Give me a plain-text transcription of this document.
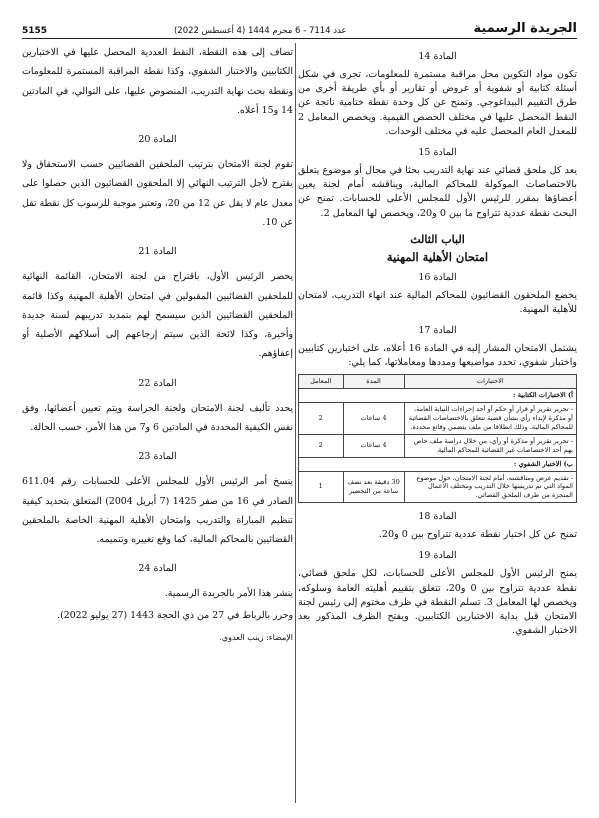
الجريدة الرسمية
عدد 7114 - 6 محرم 1444 (4 أغسطس 2022)
5155
المادة 14
تكون مواد التكوين محل مراقبة مستمرة للمعلومات، تجرى في شكل أسئلة كتابية أو شفوية أو عروض أو تقارير أو بأي طريقة أخرى من طرق التقييم البيداغوجي. وتمنح عن كل وحدة نقطة ختامية ناتجة عن النقط المحصل عليها في مختلف الحصص القيمية. ويخصص المعامل 2 للمعدل العام المحصل عليه في مختلف الوحدات.
المادة 15
يعد كل ملحق قضائي عند نهاية التدريب بحثا في مجال أو موضوع يتعلق بالاختصاصات الموكولة للمحاكم المالية، ويناقشه أمام لجنة يعين أعضاؤها بمقرر للرئيس الأول للمجلس الأعلى للحسابات. تمنح عن البحث نقطة عددية تتراوح ما بين 0 و20، ويخصص لها المعامل 2.
الباب الثالث
امتحان الأهلية المهنية
المادة 16
يخضع الملحقون القضائيون للمحاكم المالية عند انهاء التدريب، لامتحان للأهلية المهنية.
المادة 17
يشتمل الامتحان المشار إليه في المادة 16 أعلاه، على اختبارين كتابيين واختبار شفوي، تحدد مواضيعها ومددها ومعاملاتها، كما يلي:
الاختبارات	المدة	المعامل
أ) الاختبارات الكتابية :		
- تحرير تقرير أو قرار أو حكم أو أحد إجراءات النيابة العامة، أو مذكرة لإبداء رأي بشأن قضية تتعلق بالاختصاصات القضائية للمحاكم المالية، وذلك انطلاقا من ملف يتضمن وقائع محددة.	4 ساعات	2
- تحرير تقرير أو مذكرة أو رأي، من خلال دراسة ملف خاص بهم أحد الاختصاصات غير القضائية للمحاكم المالية.	4 ساعات	2
ب) الاختبار الشفوي :		
- تقديم عرض ومناقشته، أمام لجنة الامتحان، حول موضوع المواد التي تم تدريسها خلال التدريب ومختلف الأعمال المنجزة من طرف الملحق القضائي.	30 دقيقة بعد نصف ساعة من التحضير	1
المادة 18
تمنح عن كل اختبار نقطة عددية تتراوح بين 0 و20.
المادة 19
يمنح الرئيس الأول للمجلس الأعلى للحسابات، لكل ملحق قضائي، نقطة عددية تتراوح بين 0 و20، تتعلق بتقييم أهليته العامة وسلوكه، ويخصص لها المعامل 3. تسلم النقطة في ظرف مختوم إلى رئيس لجنة الامتحان قبل بداية الاختبارين الكتابيين. ويفتح الظرف المذكور بعد الاختبار الشفوي.
تضاف إلى هذه النقطة، النقط العددية المحصل عليها في الاختبارين الكتابيين والاختبار الشفوي، وكذا نقطة المراقبة المستمرة للمعلومات ونقطة بحث نهاية التدريب، المنصوص عليها، على التوالي، في المادتين 14 و15 أعلاه.
المادة 20
تقوم لجنة الامتحان بترتيب الملحقين القضائيين حسب الاستحقاق ولا يقترح لأجل الترتيب النهائي إلا الملحقون القضائيون الذين حصلوا على معدل عام لا يقل عن 12 من 20، وتعتبر موجبة للرسوب كل نقطة تقل عن 10.
المادة 21
يحصر الرئيس الأول، باقتراح من لجنة الامتحان، القائمة النهائية للملحقين القضائيين المقبولين في امتحان الأهلية المهنية وكذا قائمة الملحقين القضائيين الذين سيسمح لهم بتمديد تدريبهم لسنة جديدة وأخيرة، وكذا لائحة الذين سيتم إرجاعهم إلى أسلاكهم الأصلية أو إعفاؤهم.
المادة 22
يحدد تأليف لجنة الامتحان ولجنة الحراسة ويتم تعيين أعضائها، وفق نفس الكيفية المحددة في المادتين 6 و7 من هذا الأمر، حسب الحالة.
المادة 23
ينسخ أمر الرئيس الأول للمجلس الأعلى للحسابات رقم 611.04 الصادر في 16 من صفر 1425 (7 أبريل 2004) المتعلق بتحديد كيفية تنظيم المباراة والتدريب وامتحان الأهلية المهنية الخاصة بالملحقين القضائيين بالمحاكم المالية، كما وقع تغييره وتتميمه.
المادة 24
ينشر هذا الأمر بالجريدة الرسمية.
وحرر بالرباط في 27 من ذي الحجة 1443 (27 يوليو 2022).
الإمضاء: زينب العدوي.
